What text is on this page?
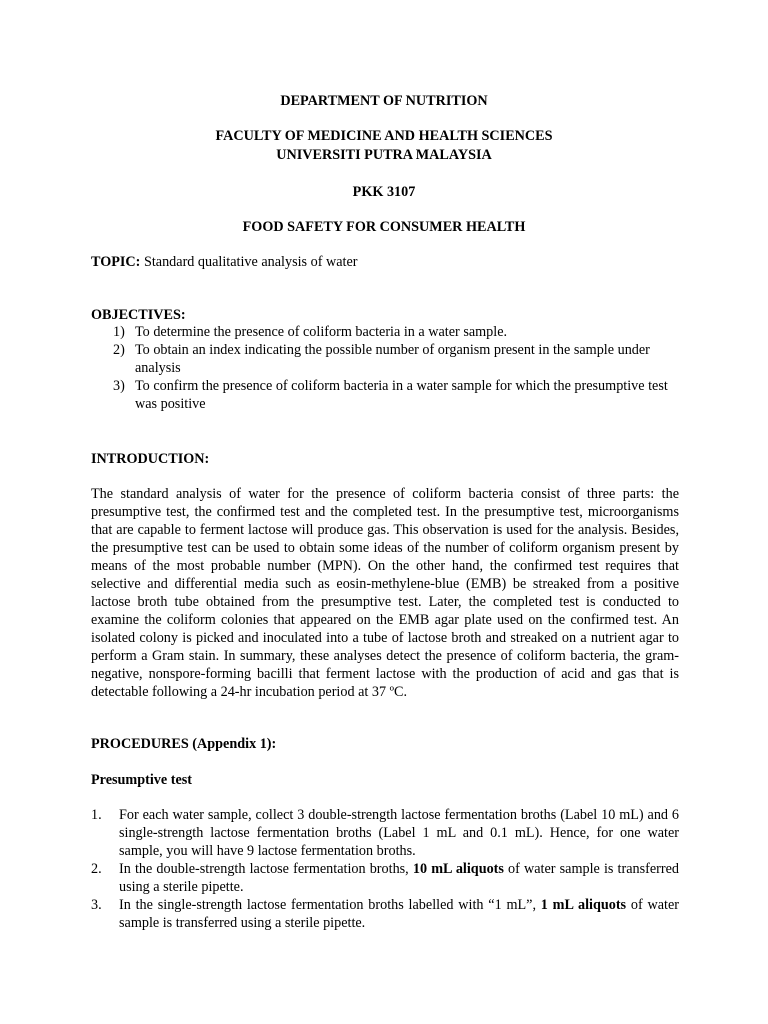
DEPARTMENT OF NUTRITION
FACULTY OF MEDICINE AND HEALTH SCIENCES
UNIVERSITI PUTRA MALAYSIA
PKK 3107
FOOD SAFETY FOR CONSUMER HEALTH
TOPIC: Standard qualitative analysis of water
OBJECTIVES:
1) To determine the presence of coliform bacteria in a water sample.
2) To obtain an index indicating the possible number of organism present in the sample under analysis
3) To confirm the presence of coliform bacteria in a water sample for which the presumptive test was positive
INTRODUCTION:

The standard analysis of water for the presence of coliform bacteria consist of three parts: the presumptive test, the confirmed test and the completed test. In the presumptive test, microorganisms that are capable to ferment lactose will produce gas. This observation is used for the analysis. Besides, the presumptive test can be used to obtain some ideas of the number of coliform organism present by means of the most probable number (MPN). On the other hand, the confirmed test requires that selective and differential media such as eosin-methylene-blue (EMB) be streaked from a positive lactose broth tube obtained from the presumptive test. Later, the completed test is conducted to examine the coliform colonies that appeared on the EMB agar plate used on the confirmed test. An isolated colony is picked and inoculated into a tube of lactose broth and streaked on a nutrient agar to perform a Gram stain. In summary, these analyses detect the presence of coliform bacteria, the gram-negative, nonspore-forming bacilli that ferment lactose with the production of acid and gas that is detectable following a 24-hr incubation period at 37 ºC.

PROCEDURES (Appendix 1):
Presumptive test
1. For each water sample, collect 3 double-strength lactose fermentation broths (Label 10 mL) and 6 single-strength lactose fermentation broths (Label 1 mL and 0.1 mL). Hence, for one water sample, you will have 9 lactose fermentation broths.
2. In the double-strength lactose fermentation broths, 10 mL aliquots of water sample is transferred using a sterile pipette.
3. In the single-strength lactose fermentation broths labelled with “1 mL”, 1 mL aliquots of water sample is transferred using a sterile pipette.
